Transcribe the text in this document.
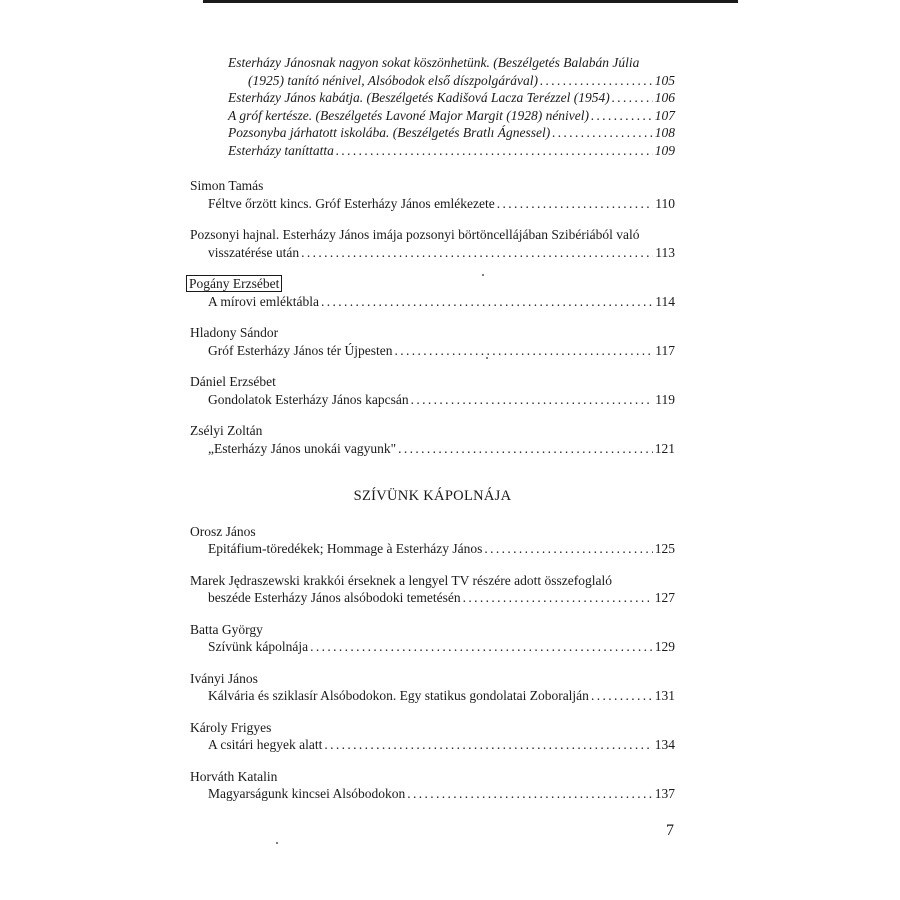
Esterházy Jánosnak nagyon sokat köszönhetünk. (Beszélgetés Balabán Júlia
(1925) tanító nénivel, Alsóbodok első díszpolgárával) . . .	105
Esterházy János kabátja. (Beszélgetés Kadišová Lacza Terézzel (1954) . . .	106
A gróf kertésze. (Beszélgetés Lavoné Major Margit (1928) nénivel) . . .	107
Pozsonyba járhatott iskolába. (Beszélgetés Bratlı Ágnessel) . . .	108
Esterházy taníttatta . . .	109
Simon Tamás
Féltve őrzött kincs. Gróf Esterházy János emlékezete . . .	110
Pozsonyi hajnal. Esterházy János imája pozsonyi börtöncellájában Szibériából való
visszatérése után . . .	113
Pogány Erzsébet
A mírovi emléktábla . . .	114
Hladony Sándor
Gróf Esterházy János tér Újpesten . . .	117
Dániel Erzsébet
Gondolatok Esterházy János kapcsán . . .	119
Zsélyi Zoltán
„Esterházy János unokái vagyunk" . . .	121
SZÍVÜNK KÁPOLNÁJA
Orosz János
Epitáfium-töredékek; Hommage à Esterházy János . . .	125
Marek Jędraszewski krakkói érseknek a lengyel TV részére adott összefoglaló
beszéde Esterházy János alsóbodoki temetésén . . .	127
Batta György
Szívünk kápolnája . . .	129
Iványi János
Kálvária és sziklasír Alsóbodokon. Egy statikus gondolatai Zoboralján . . .	131
Károly Frigyes
A csitári hegyek alatt . . .	134
Horváth Katalin
Magyarságunk kincsei Alsóbodokon . . .	137
7
